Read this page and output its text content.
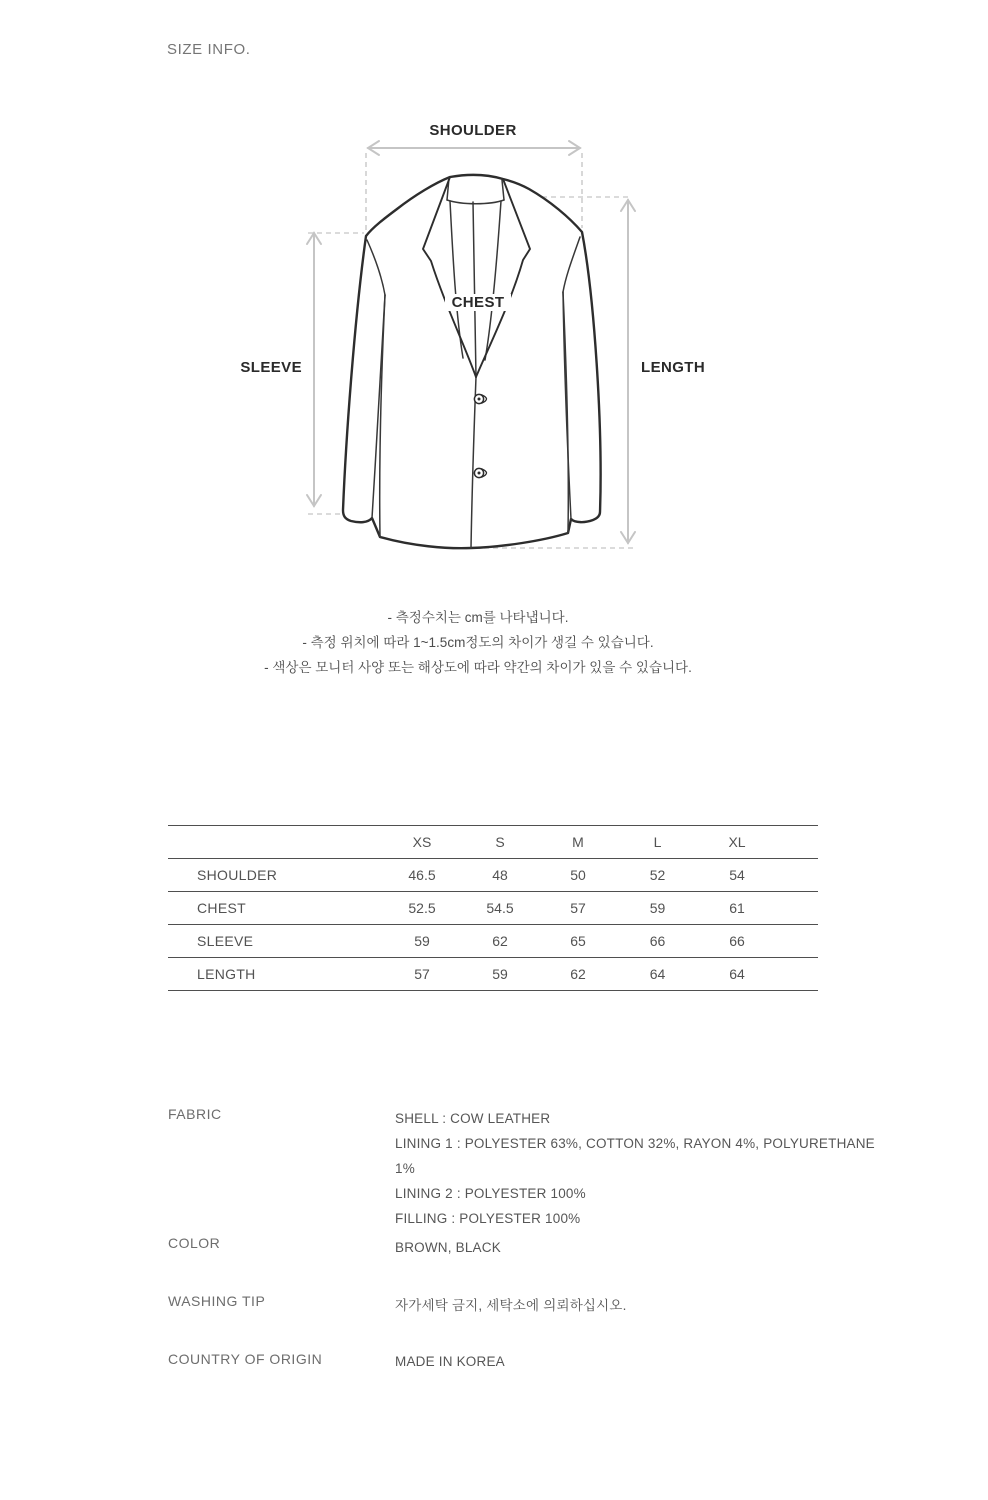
SIZE INFO.
SHOULDER
CHEST
SLEEVE	LENGTH
- 측정수치는 cm를 나타냅니다.
- 측정 위치에 따라 1~1.5cm정도의 차이가 생길 수 있습니다.
- 색상은 모니터 사양 또는 해상도에 따라 약간의 차이가 있을 수 있습니다.
	XS	S	M	L	XL
SHOULDER	46.5	48	50	52	54
CHEST	52.5	54.5	57	59	61
SLEEVE	59	62	65	66	66
LENGTH	57	59	62	64	64
FABRIC	SHELL : COW LEATHER
LINING 1 : POLYESTER 63%, COTTON 32%, RAYON 4%, POLYURETHANE 1%
LINING 2 : POLYESTER 100%
FILLING : POLYESTER 100%
COLOR	BROWN, BLACK
WASHING TIP	자가세탁 금지, 세탁소에 의뢰하십시오.
COUNTRY OF ORIGIN	MADE IN KOREA
